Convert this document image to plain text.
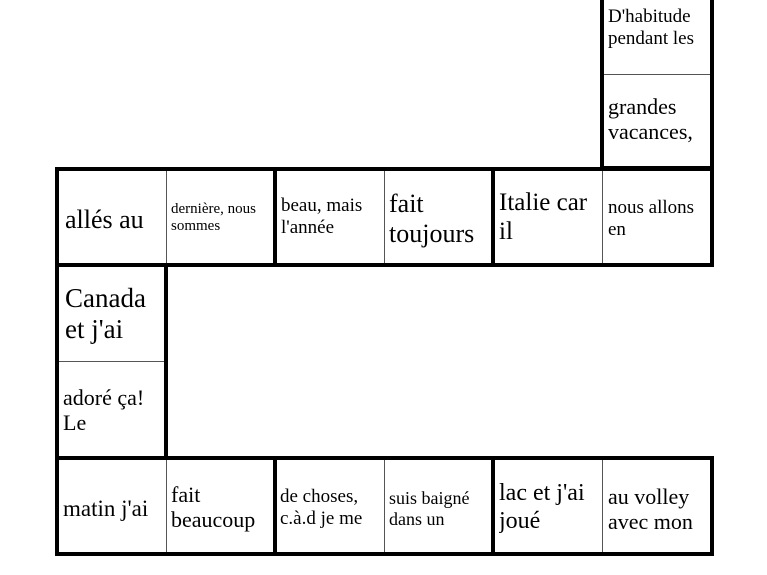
D'habitude pendant les
grandes vacances,
allés au	dernière, nous sommes
beau, mais l'année
fait toujours
Italie car il
nous allons en
Canada et j'ai
adoré ça! Le
matin j'ai
fait beaucoup
de choses, c.à.d je me
suis baigné dans un
lac et j'ai joué
au volley avec mon
